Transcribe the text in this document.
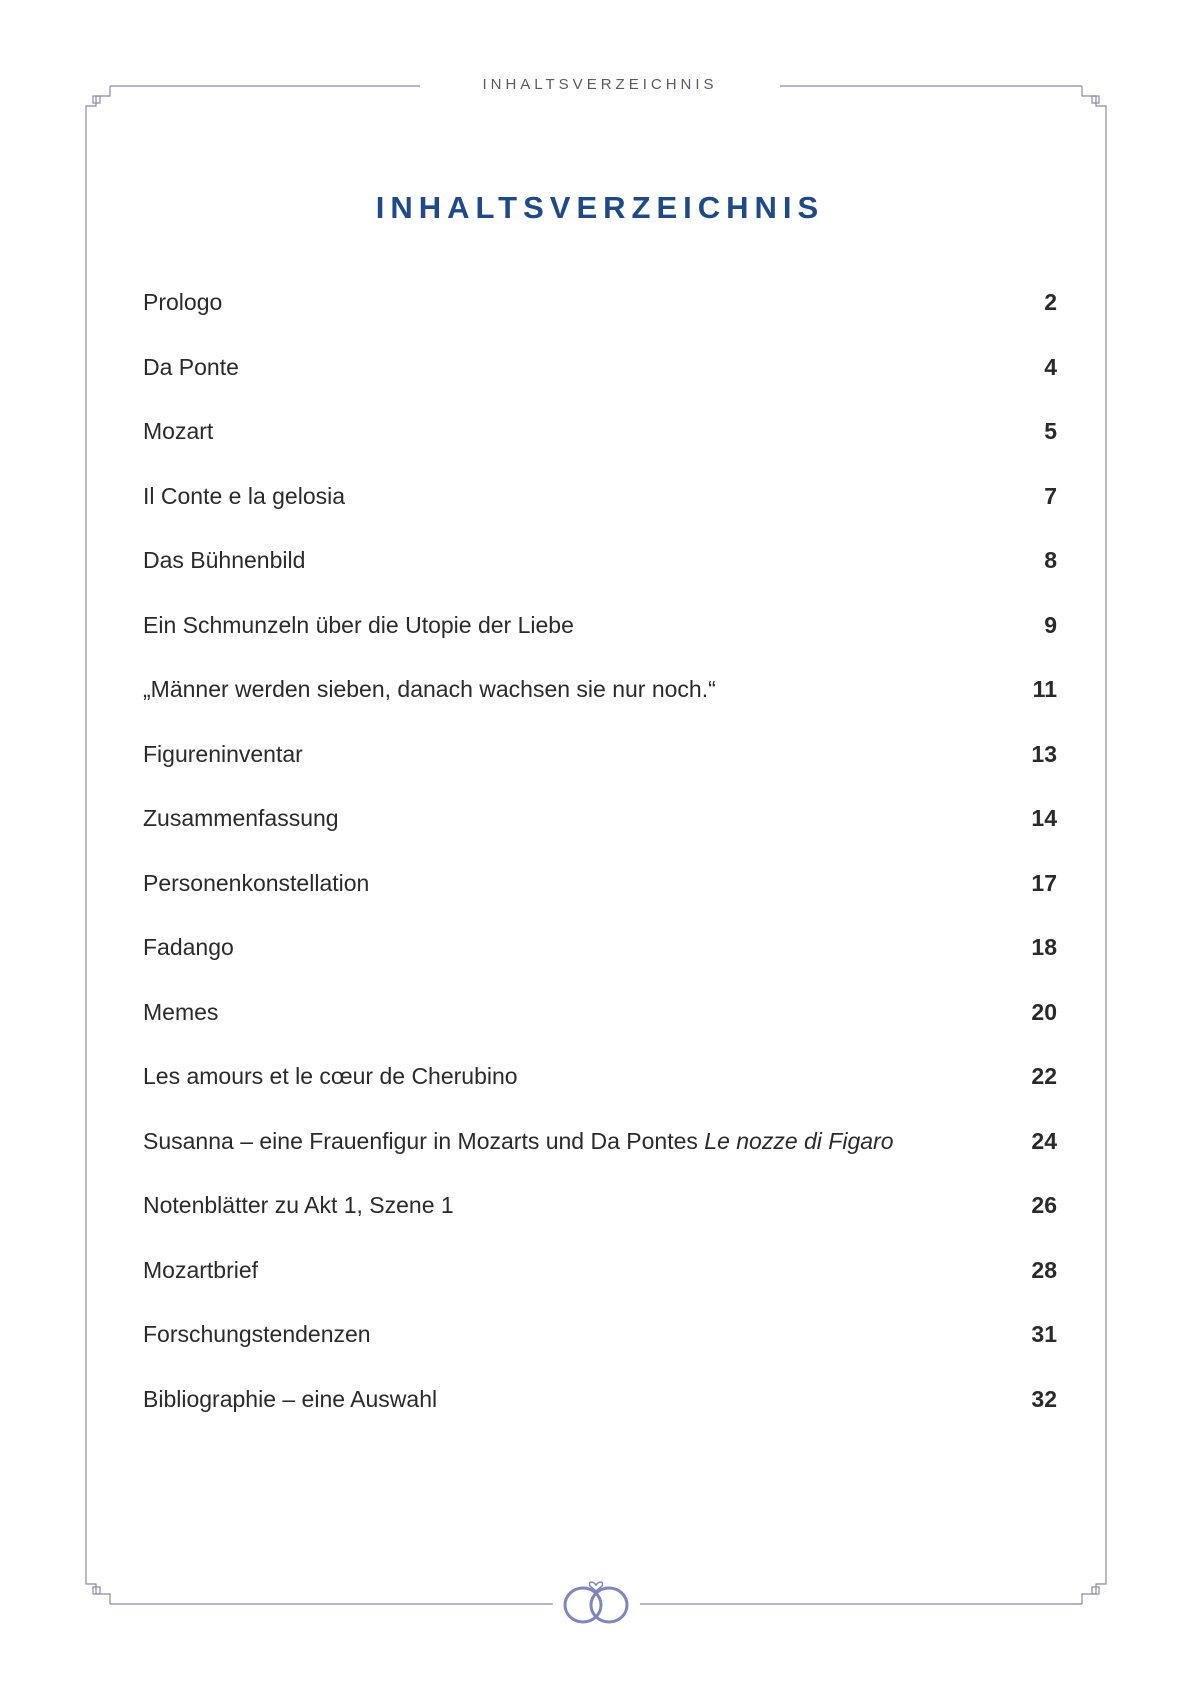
INHALTSVERZEICHNIS
INHALTSVERZEICHNIS
Prologo	2
Da Ponte	4
Mozart	5
Il Conte e la gelosia	7
Das Bühnenbild	8
Ein Schmunzeln über die Utopie der Liebe	9
„Männer werden sieben, danach wachsen sie nur noch.“	11
Figureninventar	13
Zusammenfassung	14
Personenkonstellation	17
Fadango	18
Memes	20
Les amours et le cœur de Cherubino	22
Susanna – eine Frauenfigur in Mozarts und Da Pontes Le nozze di Figaro	24
Notenblätter zu Akt 1, Szene 1	26
Mozartbrief	28
Forschungstendenzen	31
Bibliographie – eine Auswahl	32
